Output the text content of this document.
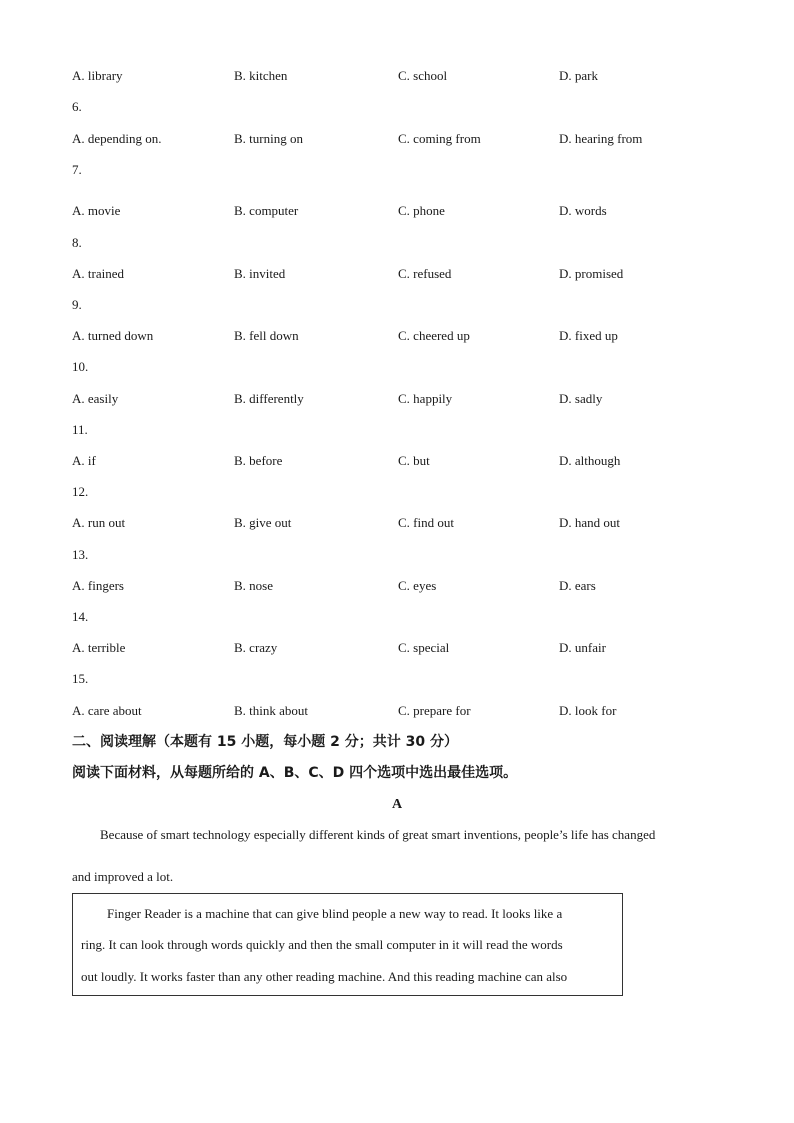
A. library	B. kitchen	C. school	D. park
6.
A. depending on.	B. turning on	C. coming from	D. hearing from
7.
A. movie	B. computer	C. phone	D. words
8.
A. trained	B. invited	C. refused	D. promised
9.
A. turned down	B. fell down	C. cheered up	D. fixed up
10.
A. easily	B. differently	C. happily	D. sadly
11.
A. if	B. before	C. but	D. although
12.
A. run out	B. give out	C. find out	D. hand out
13.
A. fingers	B. nose	C. eyes	D. ears
14.
A. terrible	B. crazy	C. special	D. unfair
15.
A. care about	B. think about	C. prepare for	D. look for
二、阅读理解（本题有 15 小题，每小题 2 分；共计 30 分）
阅读下面材料，从每题所给的 A、B、C、D 四个选项中选出最佳选项。
A
Because of smart technology especially different kinds of great smart inventions, people’s life has changed
and improved a lot.
Finger Reader is a machine that can give blind people a new way to read. It looks like a
ring. It can look through words quickly and then the small computer in it will read the words
out loudly. It works faster than any other reading machine. And this reading machine can also
